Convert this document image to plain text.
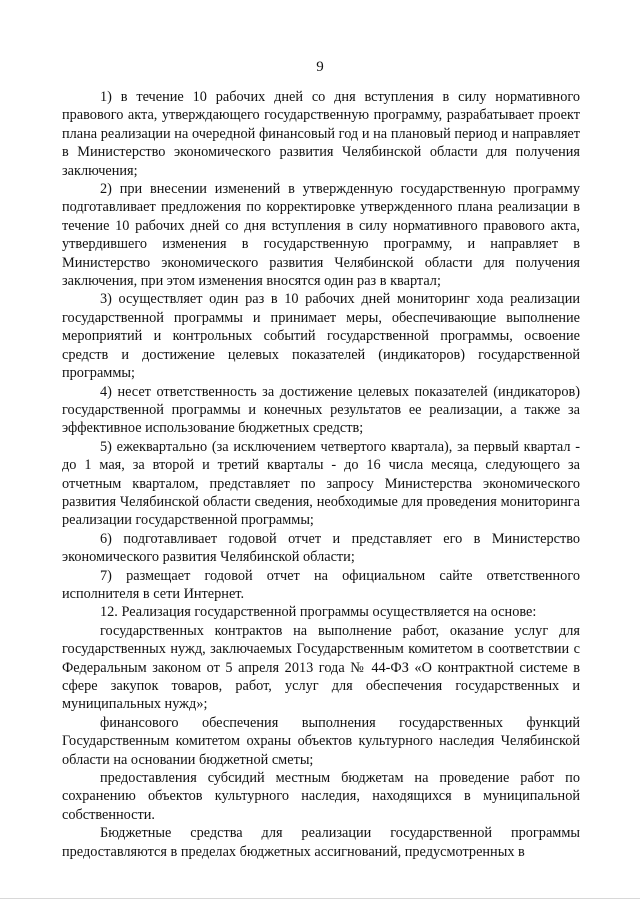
9

1) в течение 10 рабочих дней со дня вступления в силу нормативного правового акта, утверждающего государственную программу, разрабатывает проект плана реализации на очередной финансовый год и на плановый период и направляет в Министерство экономического развития Челябинской области для получения заключения;

2) при внесении изменений в утвержденную государственную программу подготавливает предложения по корректировке утвержденного плана реализации в течение 10 рабочих дней со дня вступления в силу нормативного правового акта, утвердившего изменения в государственную программу, и направляет в Министерство экономического развития Челябинской области для получения заключения, при этом изменения вносятся один раз в квартал;

3) осуществляет один раз в 10 рабочих дней мониторинг хода реализации государственной программы и принимает меры, обеспечивающие выполнение мероприятий и контрольных событий государственной программы, освоение средств и достижение целевых показателей (индикаторов) государственной программы;

4) несет ответственность за достижение целевых показателей (индикаторов) государственной программы и конечных результатов ее реализации, а также за эффективное использование бюджетных средств;

5) ежеквартально (за исключением четвертого квартала), за первый квартал - до 1 мая, за второй и третий кварталы - до 16 числа месяца, следующего за отчетным кварталом, представляет по запросу Министерства экономического развития Челябинской области сведения, необходимые для проведения мониторинга реализации государственной программы;

6) подготавливает годовой отчет и представляет его в Министерство экономического развития Челябинской области;

7) размещает годовой отчет на официальном сайте ответственного исполнителя в сети Интернет.

12. Реализация государственной программы осуществляется на основе:

государственных контрактов на выполнение работ, оказание услуг для государственных нужд, заключаемых Государственным комитетом в соответствии с Федеральным законом от 5 апреля 2013 года № 44-ФЗ «О контрактной системе в сфере закупок товаров, работ, услуг для обеспечения государственных и муниципальных нужд»;

финансового обеспечения выполнения государственных функций Государственным комитетом охраны объектов культурного наследия Челябинской области на основании бюджетной сметы;

предоставления субсидий местным бюджетам на проведение работ по сохранению объектов культурного наследия, находящихся в муниципальной собственности.

Бюджетные средства для реализации государственной программы предоставляются в пределах бюджетных ассигнований, предусмотренных в
